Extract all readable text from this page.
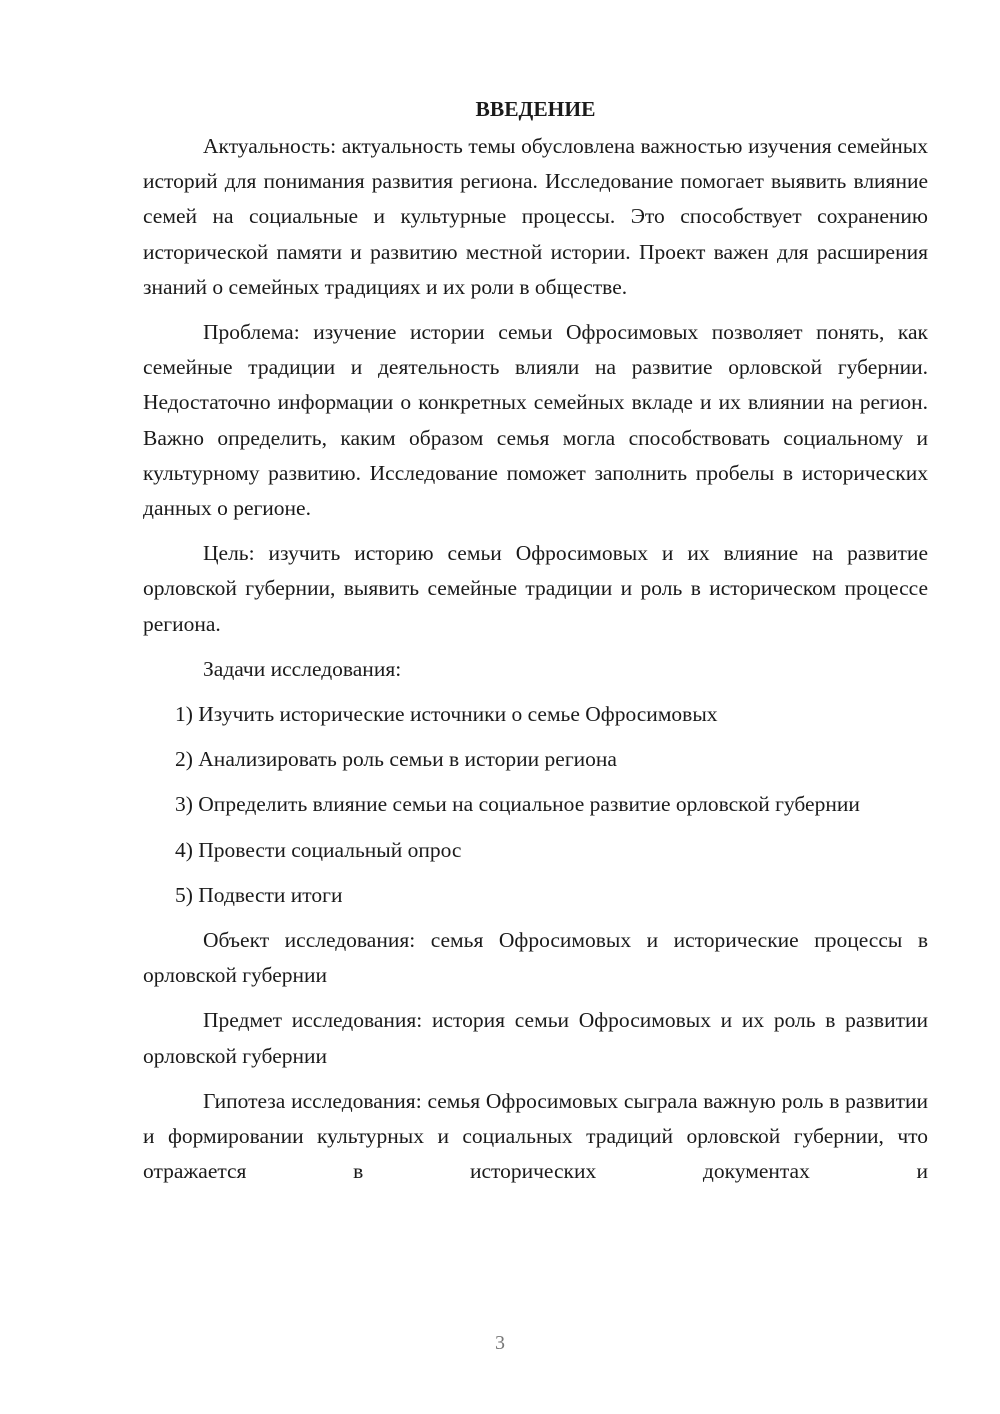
ВВЕДЕНИЕ

Актуальность: актуальность темы обусловлена важностью изучения семейных историй для понимания развития региона. Исследование помогает выявить влияние семей на социальные и культурные процессы. Это способствует сохранению исторической памяти и развитию местной истории. Проект важен для расширения знаний о семейных традициях и их роли в обществе.

Проблема: изучение истории семьи Офросимовых позволяет понять, как семейные традиции и деятельность влияли на развитие орловской губернии. Недостаточно информации о конкретных семейных вкладе и их влиянии на регион. Важно определить, каким образом семья могла способствовать социальному и культурному развитию. Исследование поможет заполнить пробелы в исторических данных о регионе.

Цель: изучить историю семьи Офросимовых и их влияние на развитие орловской губернии, выявить семейные традиции и роль в историческом процессе региона.

Задачи исследования:

1) Изучить исторические источники о семье Офросимовых

2) Анализировать роль семьи в истории региона

3) Определить влияние семьи на социальное развитие орловской губернии

4) Провести социальный опрос

5) Подвести итоги

Объект исследования: семья Офросимовых и исторические процессы в орловской губернии

Предмет исследования: история семьи Офросимовых и их роль в развитии орловской губернии

Гипотеза исследования: семья Офросимовых сыграла важную роль в развитии и формировании культурных и социальных традиций орловской губернии, что отражается в исторических документах и

3
